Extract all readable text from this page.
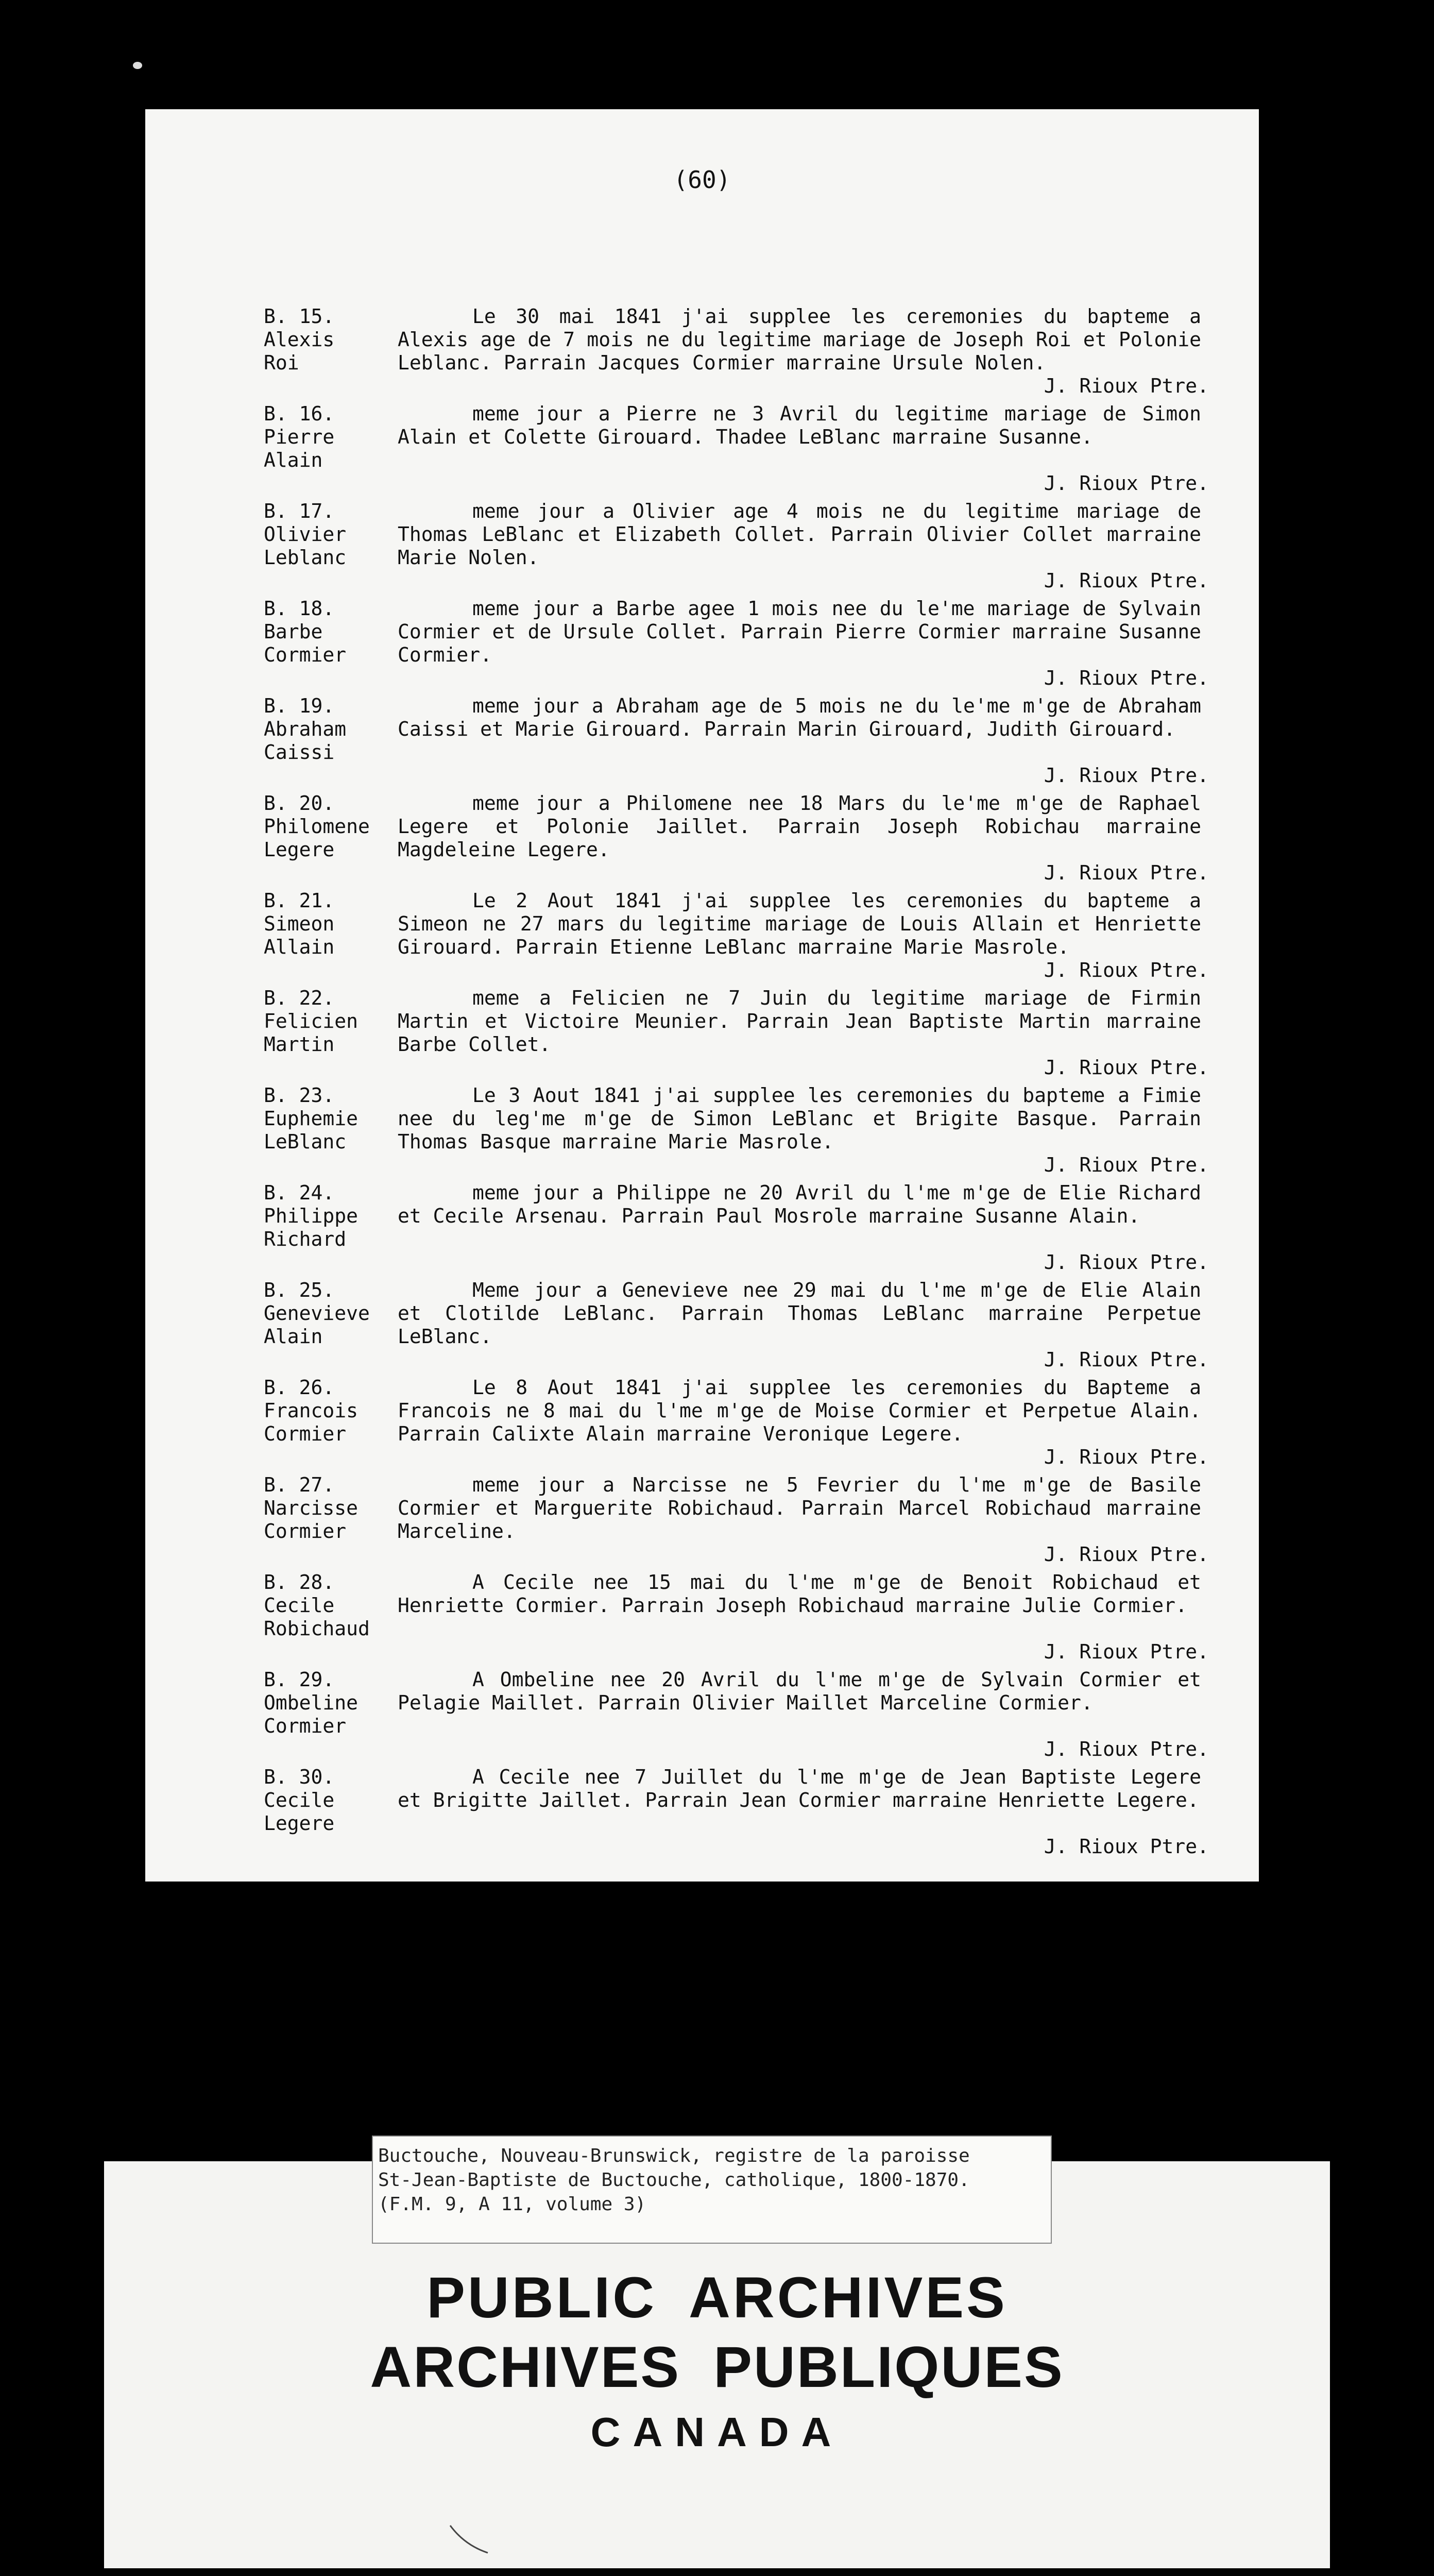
(60)
B. 15.
Alexis
Roi
Le 30 mai 1841 j'ai supplee les ceremonies du bapteme a Alexis age de 7 mois ne du legitime mariage de Joseph Roi et Polonie Leblanc. Parrain Jacques Cormier marraine Ursule Nolen.
J. Rioux Ptre.
B. 16.
Pierre
Alain
meme jour a Pierre ne 3 Avril du legitime mariage de Simon Alain et Colette Girouard. Thadee LeBlanc marraine Susanne.
J. Rioux Ptre.
B. 17.
Olivier
Leblanc
meme jour a Olivier age 4 mois ne du legitime mariage de Thomas LeBlanc et Elizabeth Collet. Parrain Olivier Collet marraine Marie Nolen.
J. Rioux Ptre.
B. 18.
Barbe
Cormier
meme jour a Barbe agee 1 mois nee du le'me mariage de Sylvain Cormier et de Ursule Collet. Parrain Pierre Cormier marraine Susanne Cormier.
J. Rioux Ptre.
B. 19.
Abraham
Caissi
meme jour a Abraham age de 5 mois ne du le'me m'ge de Abraham Caissi et Marie Girouard. Parrain Marin Girouard, Judith Girouard.
J. Rioux Ptre.
B. 20.
Philomene
Legere
meme jour a Philomene nee 18 Mars du le'me m'ge de Raphael Legere et Polonie Jaillet. Parrain Joseph Robichau marraine Magdeleine Legere.
J. Rioux Ptre.
B. 21.
Simeon
Allain
Le 2 Aout 1841 j'ai supplee les ceremonies du bapteme a Simeon ne 27 mars du legitime mariage de Louis Allain et Henriette Girouard. Parrain Etienne LeBlanc marraine Marie Masrole.
J. Rioux Ptre.
B. 22.
Felicien
Martin
meme a Felicien ne 7 Juin du legitime mariage de Firmin Martin et Victoire Meunier. Parrain Jean Baptiste Martin marraine Barbe Collet.
J. Rioux Ptre.
B. 23.
Euphemie
LeBlanc
Le 3 Aout 1841 j'ai supplee les ceremonies du bapteme a Fimie nee du leg'me m'ge de Simon LeBlanc et Brigite Basque. Parrain Thomas Basque marraine Marie Masrole.
J. Rioux Ptre.
B. 24.
Philippe
Richard
meme jour a Philippe ne 20 Avril du l'me m'ge de Elie Richard et Cecile Arsenau. Parrain Paul Mosrole marraine Susanne Alain.
J. Rioux Ptre.
B. 25.
Genevieve
Alain
Meme jour a Genevieve nee 29 mai du l'me m'ge de Elie Alain et Clotilde LeBlanc. Parrain Thomas LeBlanc marraine Perpetue LeBlanc.
J. Rioux Ptre.
B. 26.
Francois
Cormier
Le 8 Aout 1841 j'ai supplee les ceremonies du Bapteme a Francois ne 8 mai du l'me m'ge de Moise Cormier et Perpetue Alain. Parrain Calixte Alain marraine Veronique Legere.
J. Rioux Ptre.
B. 27.
Narcisse
Cormier
meme jour a Narcisse ne 5 Fevrier du l'me m'ge de Basile Cormier et Marguerite Robichaud. Parrain Marcel Robichaud marraine Marceline.
J. Rioux Ptre.
B. 28.
Cecile
Robichaud
A Cecile nee 15 mai du l'me m'ge de Benoit Robichaud et Henriette Cormier. Parrain Joseph Robichaud marraine Julie Cormier.
J. Rioux Ptre.
B. 29.
Ombeline
Cormier
A Ombeline nee 20 Avril du l'me m'ge de Sylvain Cormier et Pelagie Maillet. Parrain Olivier Maillet Marceline Cormier.
J. Rioux Ptre.
B. 30.
Cecile
Legere
A Cecile nee 7 Juillet du l'me m'ge de Jean Baptiste Legere et Brigitte Jaillet. Parrain Jean Cormier marraine Henriette Legere.
J. Rioux Ptre.
Buctouche, Nouveau-Brunswick, registre de la paroisse
St-Jean-Baptiste de Buctouche, catholique, 1800-1870.
(F.M. 9, A 11, volume 3)
PUBLIC ARCHIVES
ARCHIVES PUBLIQUES
CANADA
